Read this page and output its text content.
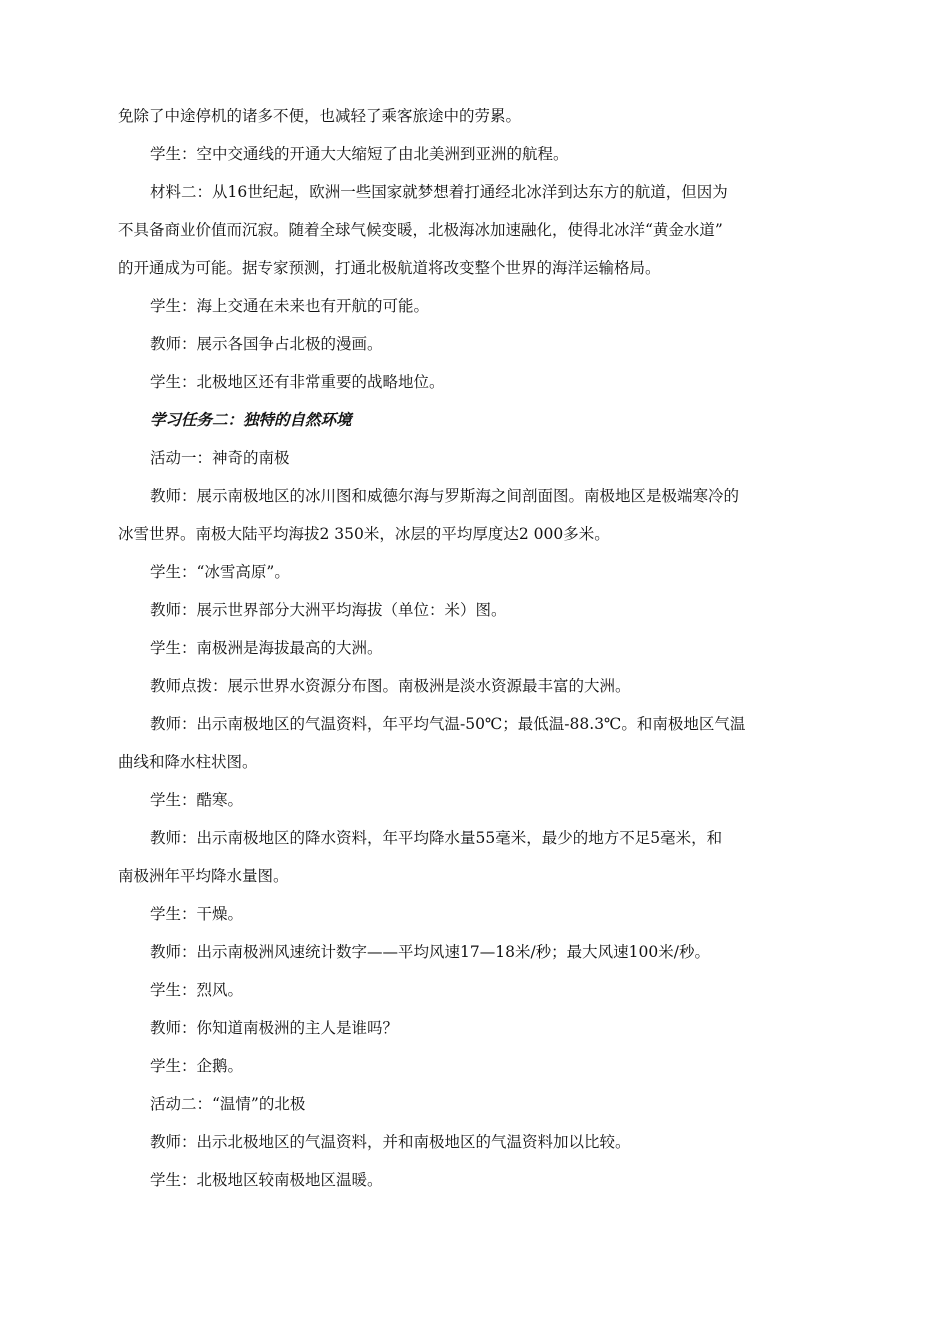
免除了中途停机的诸多不便，也减轻了乘客旅途中的劳累。

学生：空中交通线的开通大大缩短了由北美洲到亚洲的航程。

材料二：从16世纪起，欧洲一些国家就梦想着打通经北冰洋到达东方的航道，但因为

不具备商业价值而沉寂。随着全球气候变暖，北极海冰加速融化，使得北冰洋“黄金水道”

的开通成为可能。据专家预测，打通北极航道将改变整个世界的海洋运输格局。

学生：海上交通在未来也有开航的可能。

教师：展示各国争占北极的漫画。

学生：北极地区还有非常重要的战略地位。

学习任务二：独特的自然环境

活动一：神奇的南极

教师：展示南极地区的冰川图和威德尔海与罗斯海之间剖面图。南极地区是极端寒冷的

冰雪世界。南极大陆平均海拔2 350米，冰层的平均厚度达2 000多米。

学生：“冰雪高原”。

教师：展示世界部分大洲平均海拔（单位：米）图。

学生：南极洲是海拔最高的大洲。

教师点拨：展示世界水资源分布图。南极洲是淡水资源最丰富的大洲。

教师：出示南极地区的气温资料，年平均气温-50℃；最低温-88.3℃。和南极地区气温

曲线和降水柱状图。

学生：酷寒。

教师：出示南极地区的降水资料，年平均降水量55毫米，最少的地方不足5毫米，和

南极洲年平均降水量图。

学生：干燥。

教师：出示南极洲风速统计数字——平均风速17—18米/秒；最大风速100米/秒。

学生：烈风。

教师：你知道南极洲的主人是谁吗？

学生：企鹅。

活动二：“温情”的北极

教师：出示北极地区的气温资料，并和南极地区的气温资料加以比较。

学生：北极地区较南极地区温暖。
